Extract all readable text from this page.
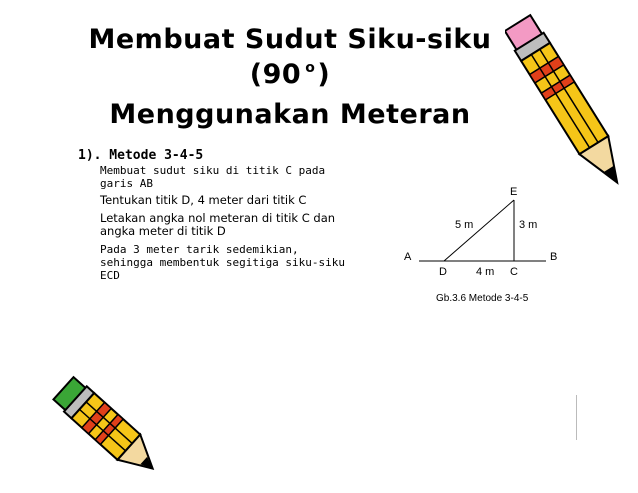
Membuat Sudut Siku-siku
(90 $^o$)
Menggunakan Meteran
1). Metode 3-4-5
Membuat sudut siku di titik C pada garis AB
Tentukan titik D, 4 meter dari titik C
Letakan angka nol meteran di titik C dan angka meter di titik D
Pada 3 meter tarik sedemikian, sehingga membentuk segitiga siku-siku ECD
E
A	B
D	C
5 m	3 m
4 m
Gb.3.6 Metode 3-4-5
